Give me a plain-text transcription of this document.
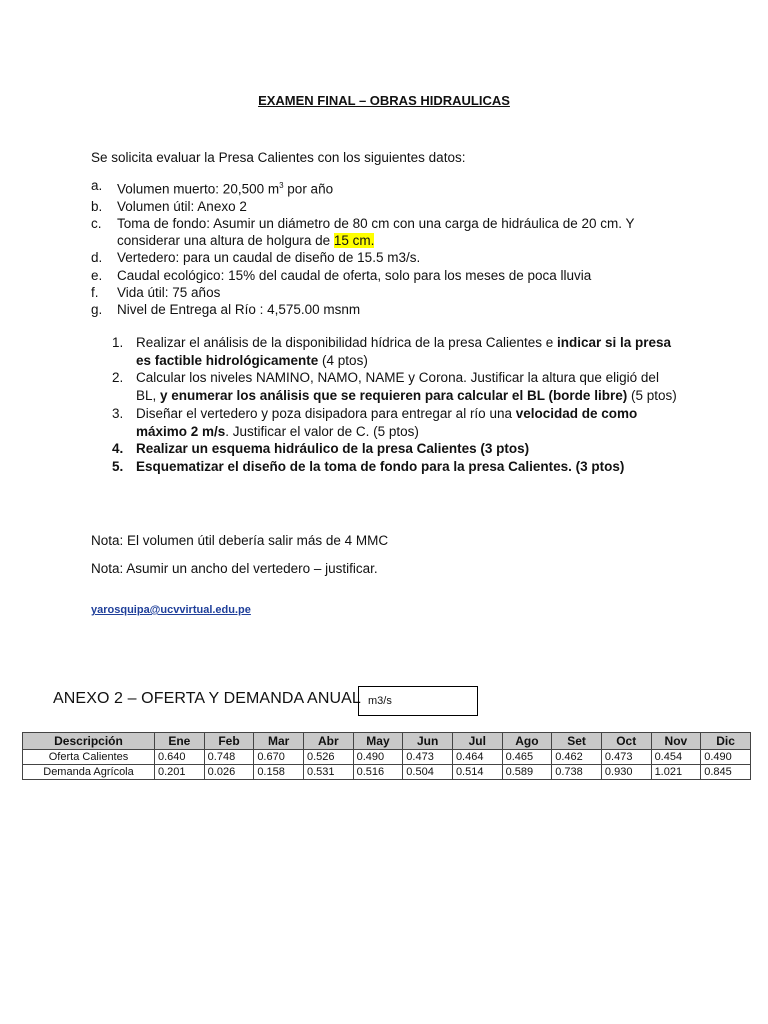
EXAMEN FINAL – OBRAS HIDRAULICAS
Se solicita evaluar la Presa Calientes con los siguientes datos:
a.	Volumen muerto: 20,500 $m^3$ por año
b.	Volumen útil: Anexo 2
c.	Toma de fondo: Asumir un diámetro de 80 cm con una carga de hidráulica de 20 cm. Y considerar una altura de holgura de 15 cm.
d.	Vertedero: para un caudal de diseño de 15.5 m3/s.
e.	Caudal ecológico: 15% del caudal de oferta, solo para los meses de poca lluvia
f.	Vida útil: 75 años
g.	Nivel de Entrega al Río : 4,575.00 msnm
1. Realizar el análisis de la disponibilidad hídrica de la presa Calientes e indicar si la presa es factible hidrológicamente (4 ptos)
2. Calcular los niveles NAMINO, NAMO, NAME y Corona. Justificar la altura que eligió del BL, y enumerar los análisis que se requieren para calcular el BL (borde libre) (5 ptos)
3. Diseñar el vertedero y poza disipadora para entregar al río una velocidad de como máximo 2 m/s. Justificar el valor de C. (5 ptos)
4. Realizar un esquema hidráulico de la presa Calientes (3 ptos)
5. Esquematizar el diseño de la toma de fondo para la presa Calientes. (3 ptos)
Nota: El volumen útil debería salir más de 4 MMC
Nota: Asumir un ancho del vertedero – justificar.
yarosquipa@ucvvirtual.edu.pe
ANEXO 2 – OFERTA Y DEMANDA ANUAL m3/s
Descripción	Ene	Feb	Mar	Abr	May	Jun	Jul	Ago	Set	Oct	Nov	Dic
Oferta Calientes	0.640	0.748	0.670	0.526	0.490	0.473	0.464	0.465	0.462	0.473	0.454	0.490
Demanda Agrícola	0.201	0.026	0.158	0.531	0.516	0.504	0.514	0.589	0.738	0.930	1.021	0.845
